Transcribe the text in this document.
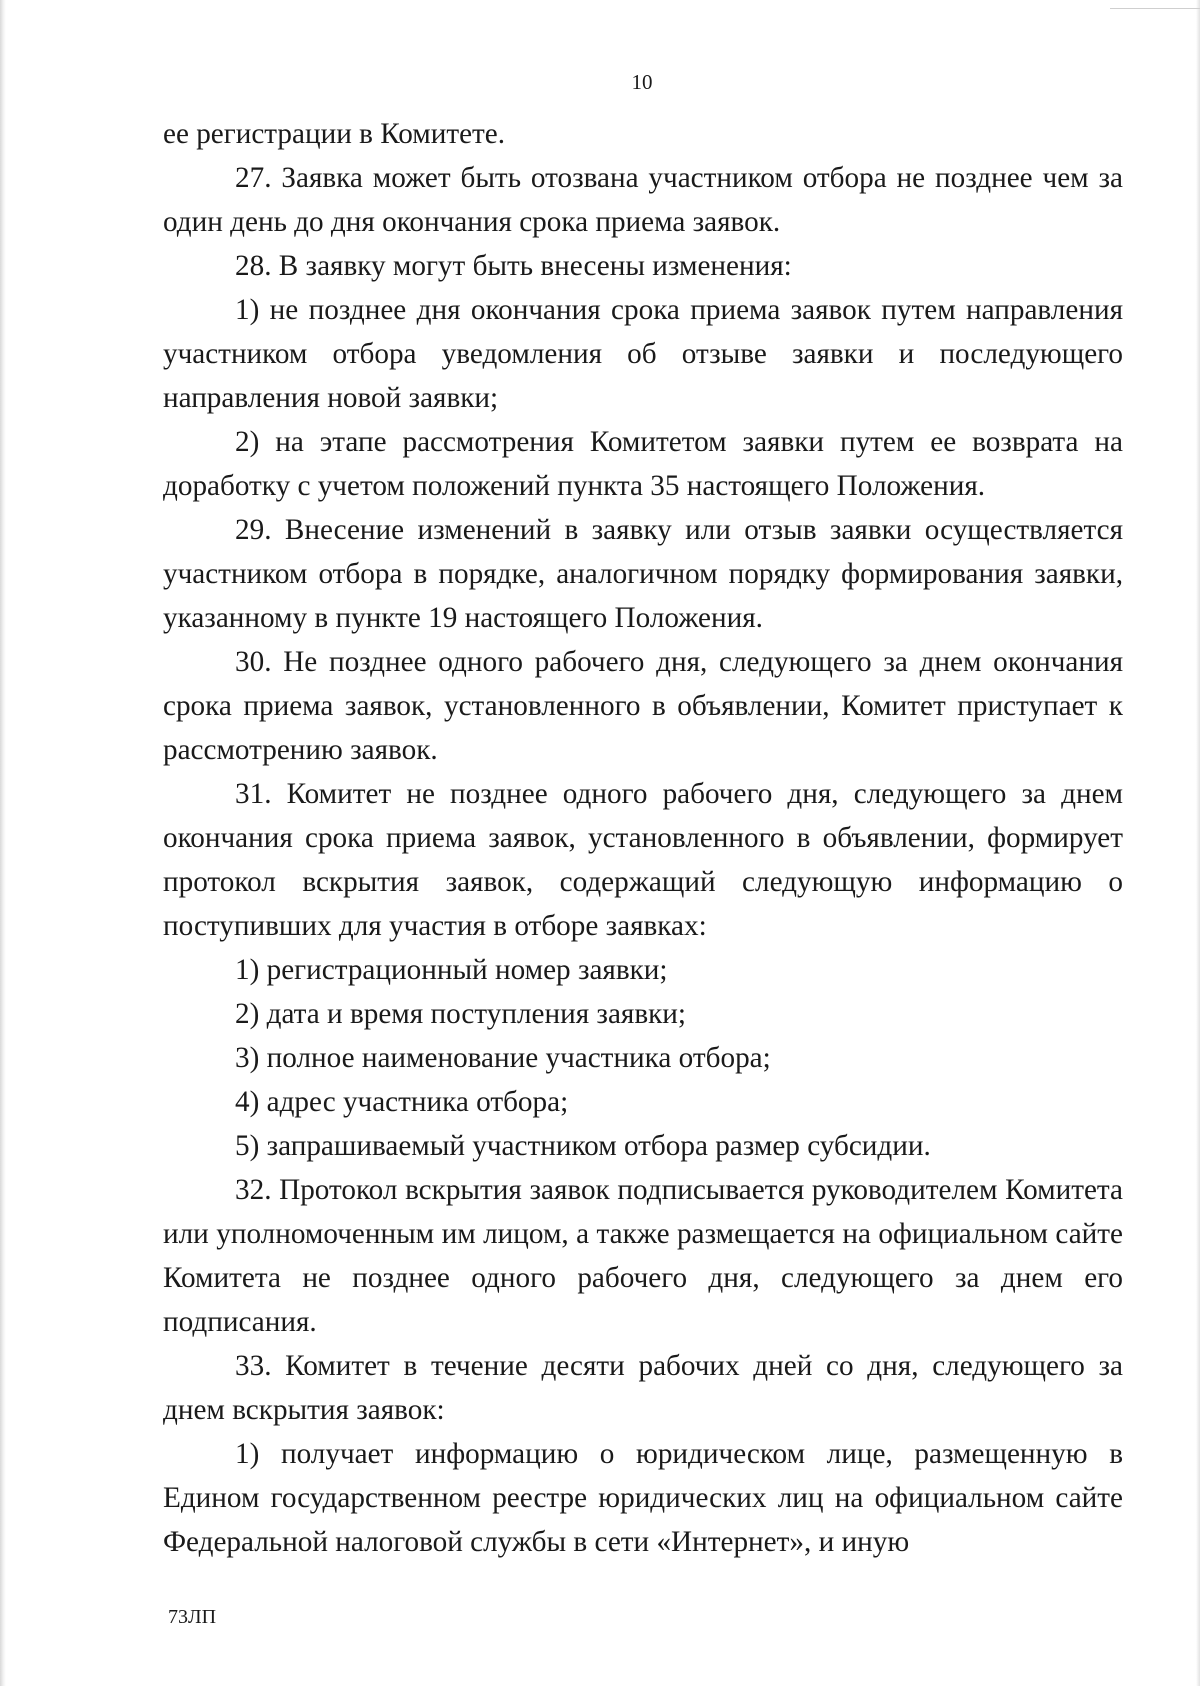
10

ее регистрации в Комитете.

27. Заявка может быть отозвана участником отбора не позднее чем за один день до дня окончания срока приема заявок.

28. В заявку могут быть внесены изменения:

1) не позднее дня окончания срока приема заявок путем направления участником отбора уведомления об отзыве заявки и последующего направления новой заявки;

2) на этапе рассмотрения Комитетом заявки путем ее возврата на доработку с учетом положений пункта 35 настоящего Положения.

29. Внесение изменений в заявку или отзыв заявки осуществляется участником отбора в порядке, аналогичном порядку формирования заявки, указанному в пункте 19 настоящего Положения.

30. Не позднее одного рабочего дня, следующего за днем окончания срока приема заявок, установленного в объявлении, Комитет приступает к рассмотрению заявок.

31. Комитет не позднее одного рабочего дня, следующего за днем окончания срока приема заявок, установленного в объявлении, формирует протокол вскрытия заявок, содержащий следующую информацию о поступивших для участия в отборе заявках:

1) регистрационный номер заявки;

2) дата и время поступления заявки;

3) полное наименование участника отбора;

4) адрес участника отбора;

5) запрашиваемый участником отбора размер субсидии.

32. Протокол вскрытия заявок подписывается руководителем Комитета или уполномоченным им лицом, а также размещается на официальном сайте Комитета не позднее одного рабочего дня, следующего за днем его подписания.

33. Комитет в течение десяти рабочих дней со дня, следующего за днем вскрытия заявок:

1) получает информацию о юридическом лице, размещенную в Едином государственном реестре юридических лиц на официальном сайте Федеральной налоговой службы в сети «Интернет», и иную

73ЛП
